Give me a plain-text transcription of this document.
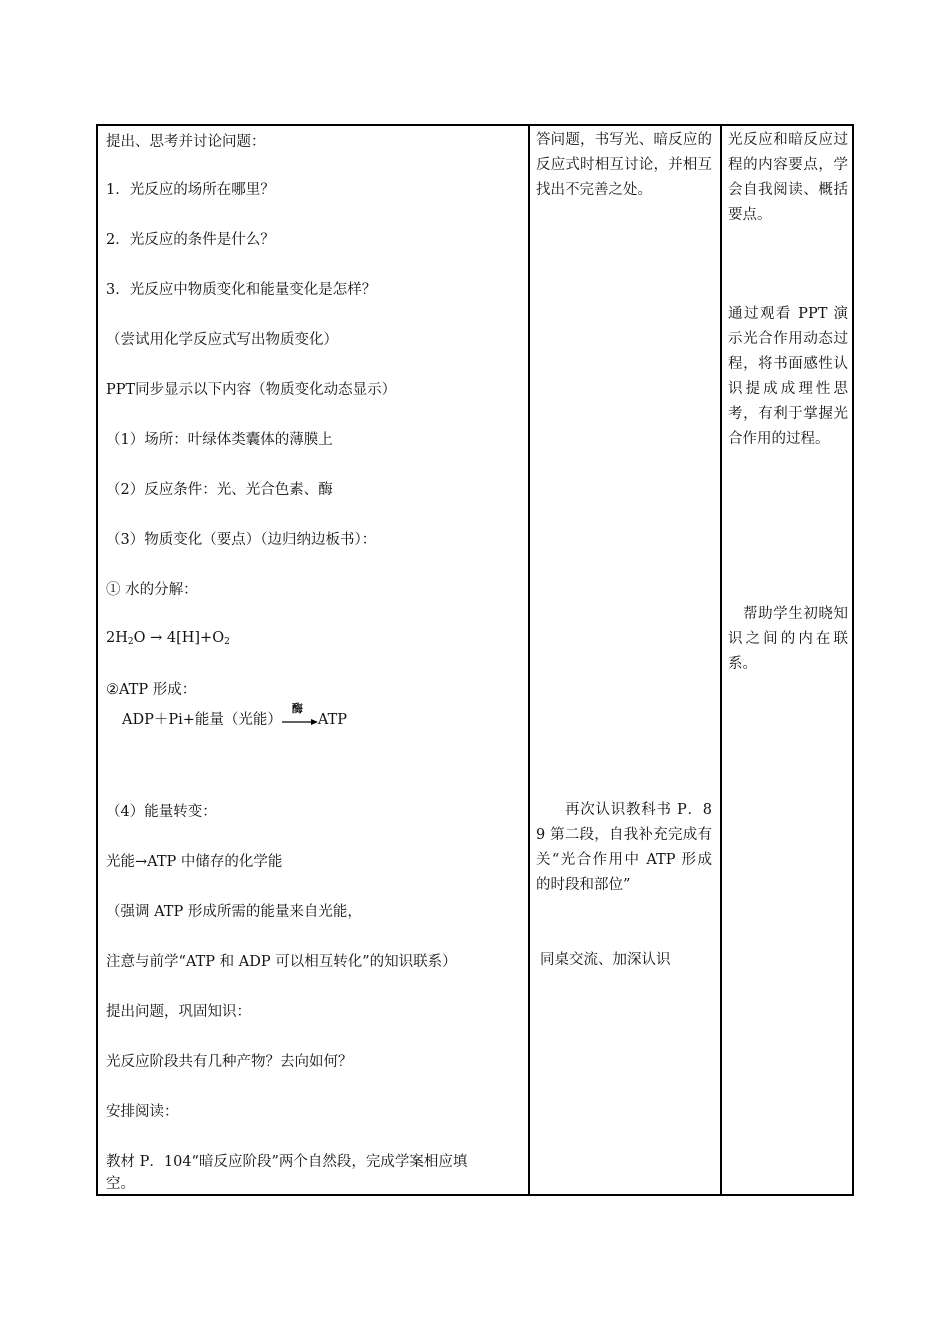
提出、思考并讨论问题：
1．光反应的场所在哪里？
2．光反应的条件是什么？
3．光反应中物质变化和能量变化是怎样？
（尝试用化学反应式写出物质变化）
PPT同步显示以下内容（物质变化动态显示）
（1）场所：叶绿体类囊体的薄膜上
（2）反应条件：光、光合色素、酶
（3）物质变化（要点）（边归纳边板书）：
① 水的分解：
$2H_2O \to 4[H]+O_2$
②ATP 形成：
ADP＋Pi+能量（光能）
酶
ATP
（4）能量转变：
光能→ATP 中储存的化学能
（强调 ATP 形成所需的能量来自光能，
注意与前学“ATP 和 ADP 可以相互转化”的知识联系）
提出问题，巩固知识：
光反应阶段共有几种产物？去向如何？
安排阅读：
教材 P．104“暗反应阶段”两个自然段，完成学案相应填
空。
答问题，书写光、暗反应的反应式时相互讨论，并相互找出不完善之处。
再次认识教科书 P．89 第二段，自我补充完成有关“光合作用中 ATP 形成的时段和部位”
同桌交流、加深认识
光反应和暗反应过程的内容要点，学会自我阅读、概括要点。
通过观看 PPT 演示光合作用动态过程，将书面感性认识提成成理性思考，有利于掌握光合作用的过程。
帮助学生初晓知识之间的内在联系。
